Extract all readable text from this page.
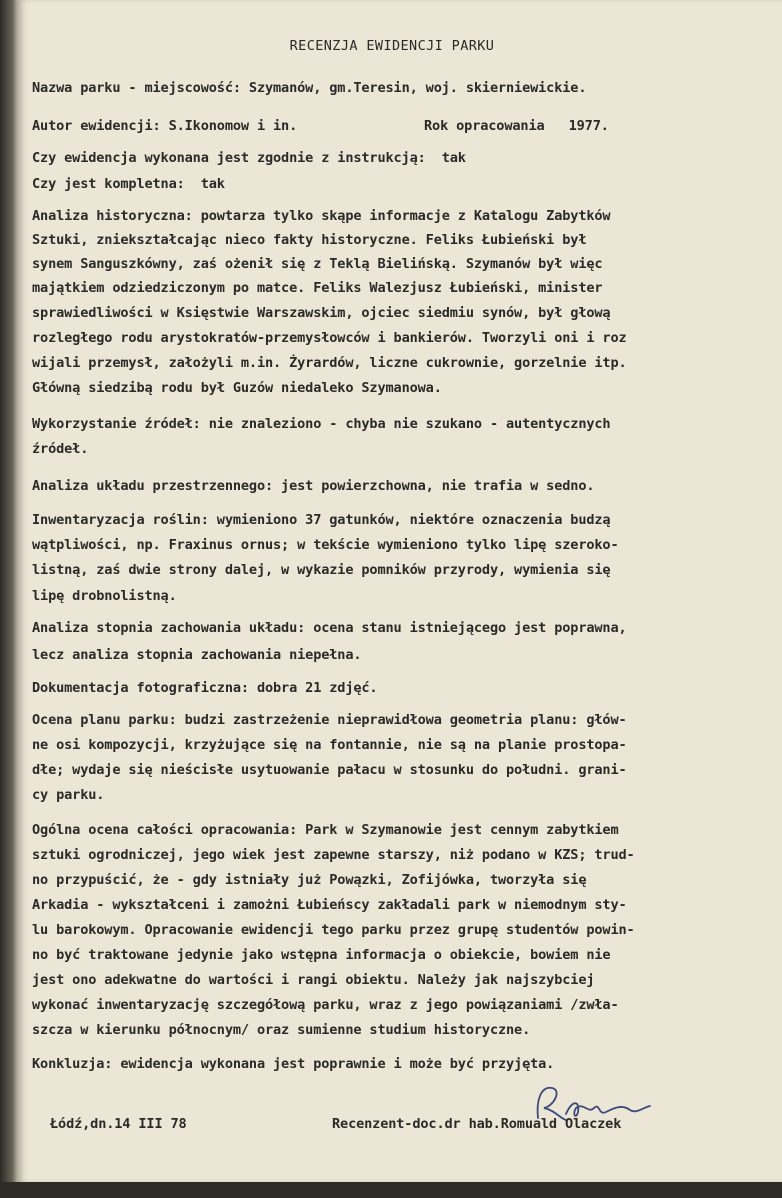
RECENZJA EWIDENCJI PARKU
Nazwa parku - miejscowość: Szymanów, gm.Teresin, woj. skierniewickie.
Autor ewidencji: S.Ikonomow i in.	Rok opracowania   1977.
Czy ewidencja wykonana jest zgodnie z instrukcją:  tak
Czy jest kompletna:  tak
Analiza historyczna: powtarza tylko skąpe informacje z Katalogu Zabytków
Sztuki, zniekształcając nieco fakty historyczne. Feliks Łubieński był
synem Sanguszkówny, zaś ożenił się z Teklą Bielińską. Szymanów był więc
majątkiem odziedziczonym po matce. Feliks Walezjusz Łubieński, minister
sprawiedliwości w Księstwie Warszawskim, ojciec siedmiu synów, był głową
rozległego rodu arystokratów-przemysłowców i bankierów. Tworzyli oni i roz
wijali przemysł, założyli m.in. Żyrardów, liczne cukrownie, gorzelnie itp.
Główną siedzibą rodu był Guzów niedaleko Szymanowa.
Wykorzystanie źródeł: nie znaleziono - chyba nie szukano - autentycznych
źródeł.
Analiza układu przestrzennego: jest powierzchowna, nie trafia w sedno.
Inwentaryzacja roślin: wymieniono 37 gatunków, niektóre oznaczenia budzą
wątpliwości, np. Fraxinus ornus; w tekście wymieniono tylko lipę szeroko-
listną, zaś dwie strony dalej, w wykazie pomników przyrody, wymienia się
lipę drobnolistną.
Analiza stopnia zachowania układu: ocena stanu istniejącego jest poprawna,
lecz analiza stopnia zachowania niepełna.
Dokumentacja fotograficzna: dobra 21 zdjęć.
Ocena planu parku: budzi zastrzeżenie nieprawidłowa geometria planu: głów-
ne osi kompozycji, krzyżujące się na fontannie, nie są na planie prostopa-
dłe; wydaje się nieścisłe usytuowanie pałacu w stosunku do południ. grani-
cy parku.
Ogólna ocena całości opracowania: Park w Szymanowie jest cennym zabytkiem
sztuki ogrodniczej, jego wiek jest zapewne starszy, niż podano w KZS; trud-
no przypuścić, że - gdy istniały już Powązki, Zofijówka, tworzyła się
Arkadia - wykształceni i zamożni Łubieńscy zakładali park w niemodnym sty-
lu barokowym. Opracowanie ewidencji tego parku przez grupę studentów powin-
no być traktowane jedynie jako wstępna informacja o obiekcie, bowiem nie
jest ono adekwatne do wartości i rangi obiektu. Należy jak najszybciej
wykonać inwentaryzację szczegółową parku, wraz z jego powiązaniami /zwła-
szcza w kierunku północnym/ oraz sumienne studium historyczne.
Konkluzja: ewidencja wykonana jest poprawnie i może być przyjęta.
Łódź,dn.14 III 78	Recenzent-doc.dr hab.Romuald Olaczek
